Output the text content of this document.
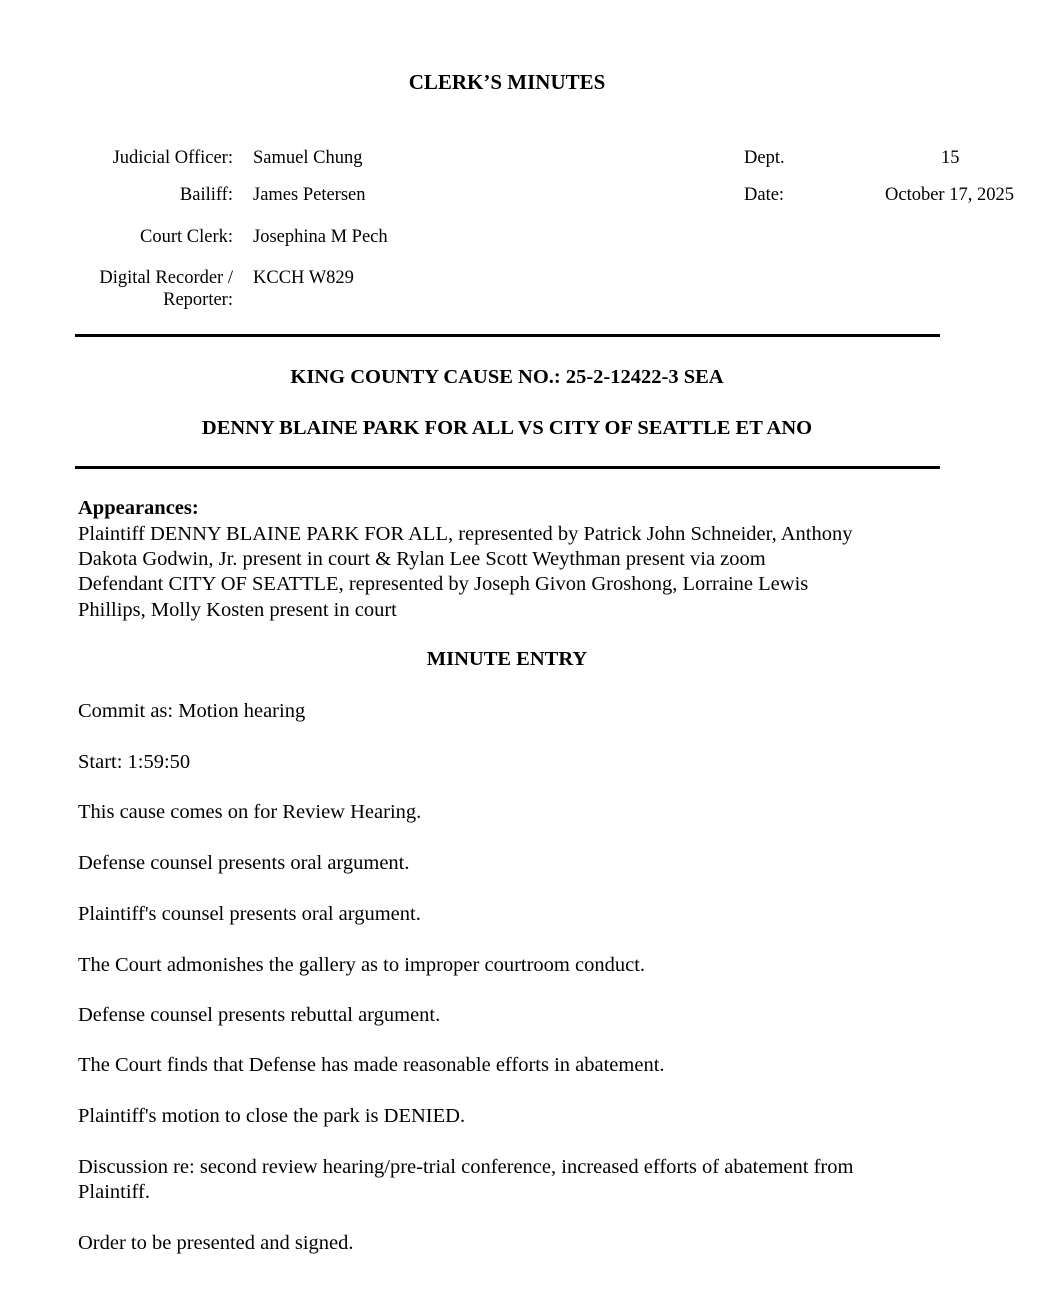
CLERK’S MINUTES
Judicial Officer: Samuel Chung
Bailiff: James Petersen
Court Clerk: Josephina M Pech
Digital Recorder /
Reporter:
KCCH W829
Dept.	15
Date:	October 17, 2025
KING COUNTY CAUSE NO.: 25-2-12422-3 SEA
DENNY BLAINE PARK FOR ALL VS CITY OF SEATTLE ET ANO
Appearances:
Plaintiff DENNY BLAINE PARK FOR ALL, represented by Patrick John Schneider, Anthony
Dakota Godwin, Jr. present in court & Rylan Lee Scott Weythman present via zoom
Defendant CITY OF SEATTLE, represented by Joseph Givon Groshong, Lorraine Lewis
Phillips, Molly Kosten present in court
MINUTE ENTRY
Commit as: Motion hearing
Start: 1:59:50
This cause comes on for Review Hearing.
Defense counsel presents oral argument.
Plaintiff's counsel presents oral argument.
The Court admonishes the gallery as to improper courtroom conduct.
Defense counsel presents rebuttal argument.
The Court finds that Defense has made reasonable efforts in abatement.
Plaintiff's motion to close the park is DENIED.
Discussion re: second review hearing/pre-trial conference, increased efforts of abatement from
Plaintiff.
Order to be presented and signed.
